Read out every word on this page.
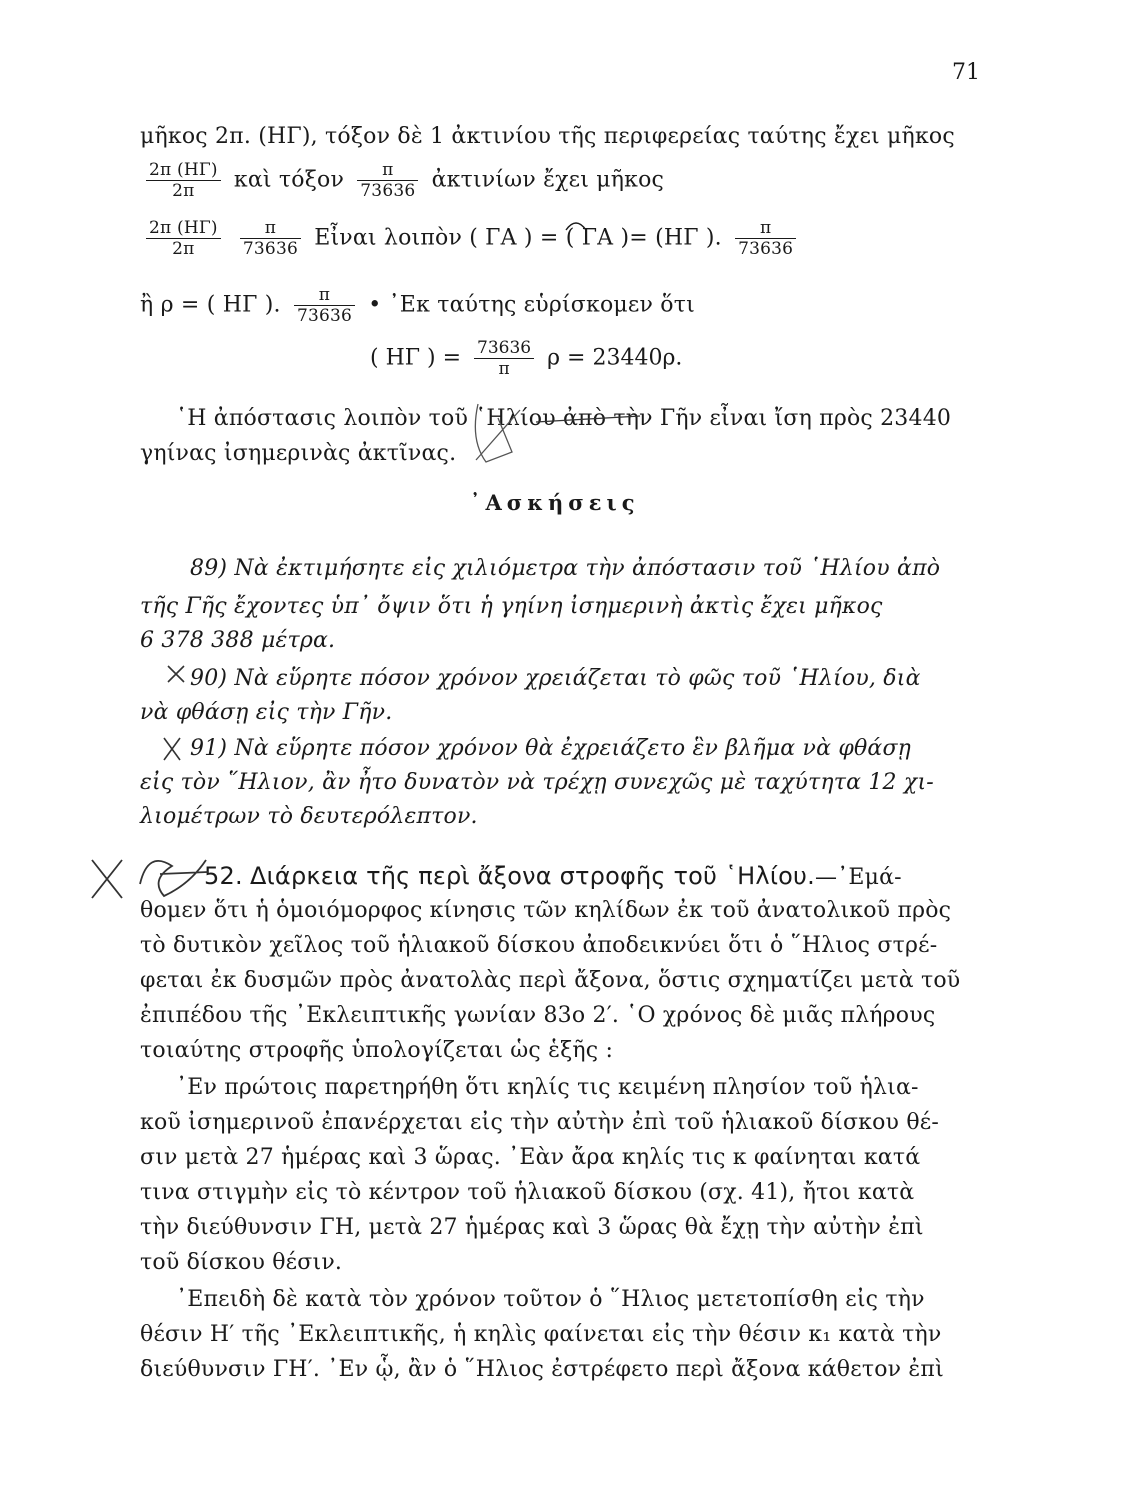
71
μῆκος 2π. (ΗΓ), τόξον δὲ 1 ἀκτινίου τῆς περιφερείας ταύτης ἔχει μῆκος
$\frac{2\pi (H\Gamma)}{2\pi}$ καὶ τόξον $\frac{\pi}{73636}$ ἀκτινίων ἔχει μῆκος
$\frac{2\pi (H\Gamma)}{2\pi}$
$\frac{\pi}{73636}$ Εἶναι λοιπὸν ( ΓΑ ) = ( ΓΑ )= (ΗΓ ). $\frac{\pi}{73636}$
ἢ ρ = ( ΗΓ ). $\frac{\pi}{73636}$ • ᾿Εκ ταύτης εὑρίσκομεν ὅτι
( ΗΓ ) = $\frac{73636}{\pi}$ ρ = 23440ρ.
῾Η ἀπόστασις λοιπὸν τοῦ ῾Ηλίου ἀπὸ τὴν Γῆν εἶναι ἴση πρὸς 23440
γηίνας ἰσημερινὰς ἀκτῖνας.
᾿Ασκήσεις
89) Νὰ ἐκτιμήσητε εἰς χιλιόμετρα τὴν ἀπόστασιν τοῦ ῾Ηλίου ἀπὸ
τῆς Γῆς ἔχοντες ὑπ᾿ ὄψιν ὅτι ἡ γηίνη ἰσημερινὴ ἀκτὶς ἔχει μῆκος
6 378 388 μέτρα.
90) Νὰ εὕρητε πόσον χρόνον χρειάζεται τὸ φῶς τοῦ ῾Ηλίου, διὰ
νὰ φθάσῃ εἰς τὴν Γῆν.
91) Νὰ εὕρητε πόσον χρόνον θὰ ἐχρειάζετο ἓν βλῆμα νὰ φθάσῃ
εἰς τὸν ῞Ηλιον, ἂν ἦτο δυνατὸν νὰ τρέχῃ συνεχῶς μὲ ταχύτητα 12 χι-
λιομέτρων τὸ δευτερόλεπτον.
52. Διάρκεια τῆς περὶ ἄξονα στροφῆς τοῦ ῾Ηλίου.—᾿Εμά-
θομεν ὅτι ἡ ὁμοιόμορφος κίνησις τῶν κηλίδων ἐκ τοῦ ἀνατολικοῦ πρὸς
τὸ δυτικὸν χεῖλος τοῦ ἡλιακοῦ δίσκου ἀποδεικνύει ὅτι ὁ ῞Ηλιος στρέ-
φεται ἐκ δυσμῶν πρὸς ἀνατολὰς περὶ ἄξονα, ὅστις σχηματίζει μετὰ τοῦ
ἐπιπέδου τῆς ᾿Εκλειπτικῆς γωνίαν 83ο 2′. ῾Ο χρόνος δὲ μιᾶς πλήρους
τοιαύτης στροφῆς ὑπολογίζεται ὡς ἑξῆς :
᾿Εν πρώτοις παρετηρήθη ὅτι κηλίς τις κειμένη πλησίον τοῦ ἡλια-
κοῦ ἰσημερινοῦ ἐπανέρχεται εἰς τὴν αὐτὴν ἐπὶ τοῦ ἡλιακοῦ δίσκου θέ-
σιν μετὰ 27 ἡμέρας καὶ 3 ὥρας. ᾿Εὰν ἄρα κηλίς τις κ φαίνηται κατά
τινα στιγμὴν εἰς τὸ κέντρον τοῦ ἡλιακοῦ δίσκου (σχ. 41), ἤτοι κατὰ
τὴν διεύθυνσιν ΓΗ, μετὰ 27 ἡμέρας καὶ 3 ὥρας θὰ ἔχῃ τὴν αὐτὴν ἐπὶ
τοῦ δίσκου θέσιν.
᾿Επειδὴ δὲ κατὰ τὸν χρόνον τοῦτον ὁ ῞Ηλιος μετετοπίσθη εἰς τὴν
θέσιν Η′ τῆς ᾿Εκλειπτικῆς, ἡ κηλὶς φαίνεται εἰς τὴν θέσιν κ₁ κατὰ τὴν
διεύθυνσιν ΓΗ′. ᾿Εν ᾧ, ἂν ὁ ῞Ηλιος ἐστρέφετο περὶ ἄξονα κάθετον ἐπὶ
